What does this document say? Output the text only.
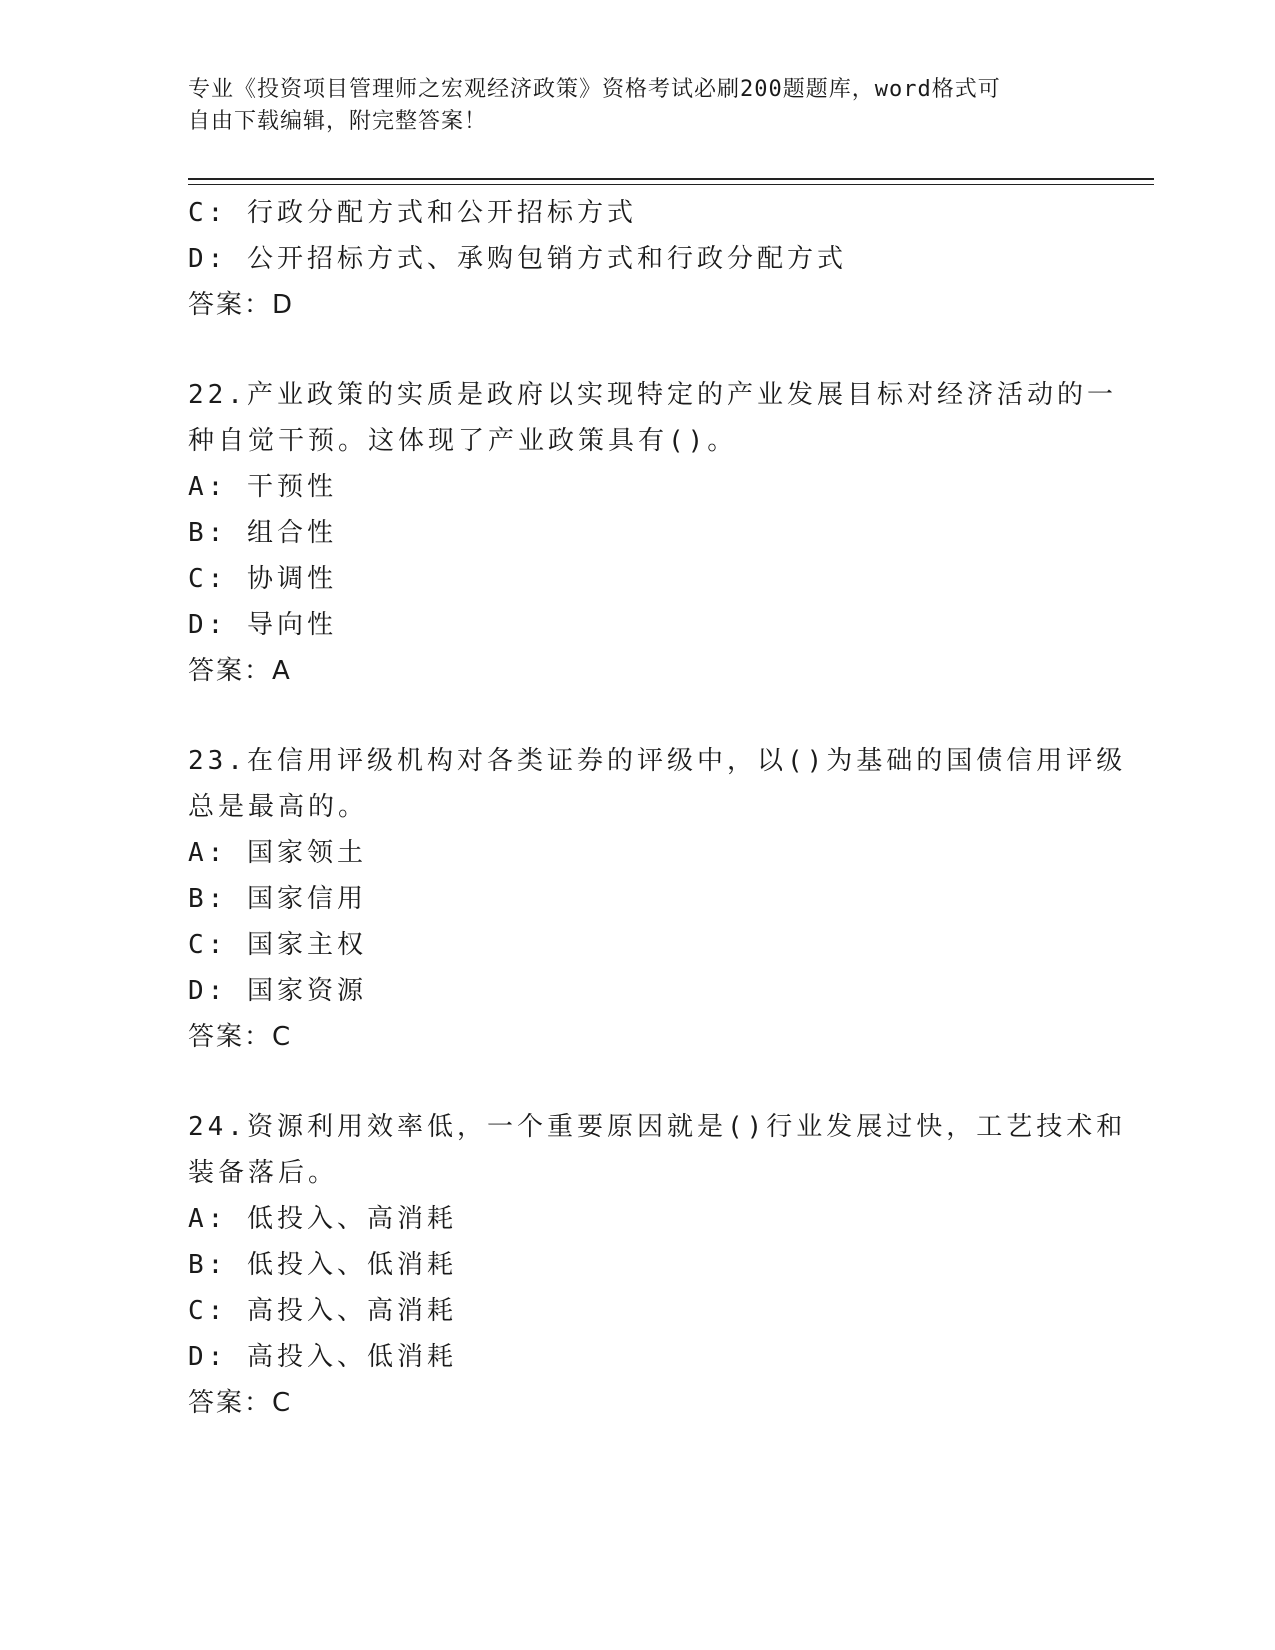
专业《投资项目管理师之宏观经济政策》资格考试必刷200题题库，word格式可
自由下载编辑，附完整答案！
C: 行政分配方式和公开招标方式
D: 公开招标方式、承购包销方式和行政分配方式
答案：D
22.产业政策的实质是政府以实现特定的产业发展目标对经济活动的一
种自觉干预。这体现了产业政策具有()。
A: 干预性
B: 组合性
C: 协调性
D: 导向性
答案：A
23.在信用评级机构对各类证券的评级中，以()为基础的国债信用评级
总是最高的。
A: 国家领土
B: 国家信用
C: 国家主权
D: 国家资源
答案：C
24.资源利用效率低，一个重要原因就是()行业发展过快，工艺技术和
装备落后。
A: 低投入、高消耗
B: 低投入、低消耗
C: 高投入、高消耗
D: 高投入、低消耗
答案：C
